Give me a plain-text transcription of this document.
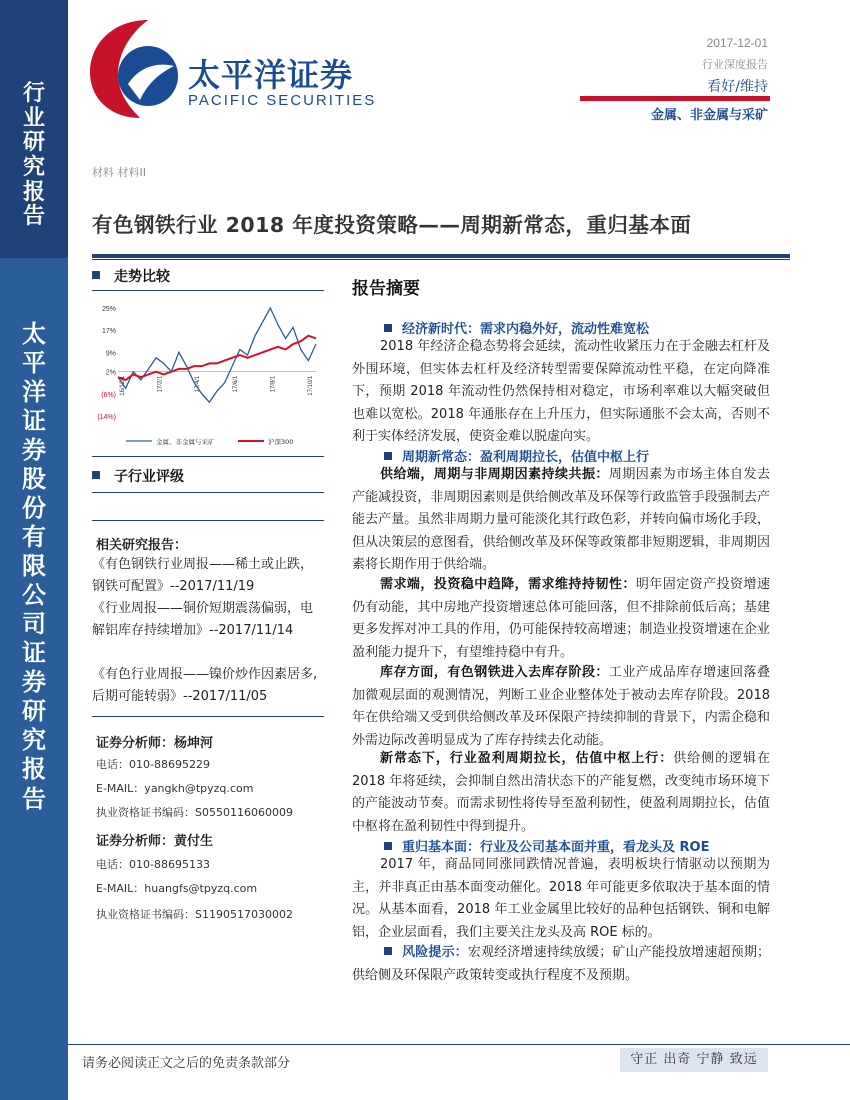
行
业
研
究
报
告
太
平
洋
证
券
股
份
有
限
公
司
证
券
研
究
报
告
太平洋证券
PACIFIC SECURITIES
2017-12-01
行业深度报告
看好/维持
金属、非金属与采矿
材料 材料II
有色钢铁行业 2018 年度投资策略——周期新常态，重归基本面
走势比较
25%
17%
9%
2%
(6%)
(14%)
16/12/1	17/2/1	17/4/1	17/6/1	17/8/1	17/10/1
金属、非金属与采矿	沪深300
子行业评级
相关研究报告：
《有色钢铁行业周报——稀土或止跌，钢铁可配置》--2017/11/19
《行业周报——铜价短期震荡偏弱，电解铝库存持续增加》--2017/11/14
《有色行业周报——镍价炒作因素居多,后期可能转弱》--2017/11/05
证券分析师：杨坤河
电话：010-88695229
E-MAIL：yangkh@tpyzq.com
执业资格证书编码：S0550116060009
证券分析师：黄付生
电话：010-88695133
E-MAIL：huangfs@tpyzq.com
执业资格证书编码：S1190517030002
报告摘要
经济新时代：需求内稳外好，流动性难宽松
2018 年经济企稳态势将会延续，流动性收紧压力在于金融去杠杆及外围环境，但实体去杠杆及经济转型需要保障流动性平稳，在定向降准下，预期 2018 年流动性仍然保持相对稳定，市场利率难以大幅突破但也难以宽松。2018 年通胀存在上升压力，但实际通胀不会太高，否则不利于实体经济发展，使资金难以脱虚向实。
周期新常态：盈利周期拉长，估值中枢上行
供给端，周期与非周期因素持续共振：周期因素为市场主体自发去产能减投资，非周期因素则是供给侧改革及环保等行政监管手段强制去产能去产量。虽然非周期力量可能淡化其行政色彩，并转向偏市场化手段，但从决策层的意图看，供给侧改革及环保等政策都非短期逻辑，非周期因素将长期作用于供给端。
需求端，投资稳中趋降，需求维持持韧性：明年固定资产投资增速仍有动能，其中房地产投资增速总体可能回落，但不排除前低后高；基建更多发挥对冲工具的作用，仍可能保持较高增速；制造业投资增速在企业盈利能力提升下，有望维持稳中有升。
库存方面，有色钢铁进入去库存阶段：工业产成品库存增速回落叠加微观层面的观测情况，判断工业企业整体处于被动去库存阶段。2018 年在供给端又受到供给侧改革及环保限产持续抑制的背景下，内需企稳和外需边际改善明显成为了库存持续去化动能。
新常态下，行业盈利周期拉长，估值中枢上行：供给侧的逻辑在 2018 年将延续，会抑制自然出清状态下的产能复燃，改变纯市场环境下的产能波动节奏。而需求韧性将传导至盈利韧性，使盈利周期拉长，估值中枢将在盈利韧性中得到提升。
重归基本面：行业及公司基本面并重，看龙头及 ROE
2017 年，商品同同涨同跌情况普遍，表明板块行情驱动以预期为主，并非真正由基本面变动催化。2018 年可能更多依取决于基本面的情况。从基本面看，2018 年工业金属里比较好的品种包括钢铁、铜和电解铝，企业层面看，我们主要关注龙头及高 ROE 标的。
风险提示：宏观经济增速持续放缓；矿山产能投放增速超预期；供给侧及环保限产政策转变或执行程度不及预期。
请务必阅读正文之后的免责条款部分	守正 出奇 宁静 致远
